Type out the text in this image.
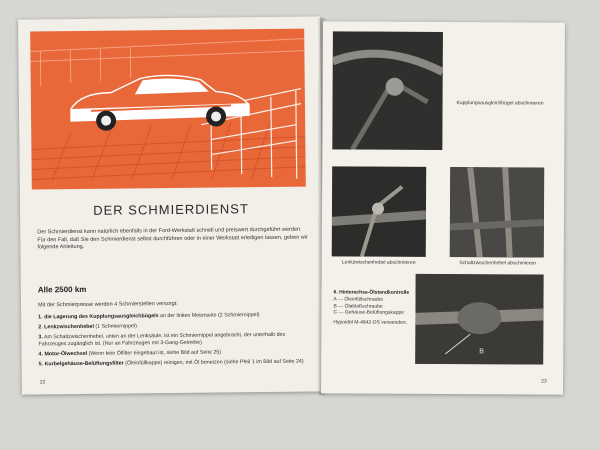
DER SCHMIERDIENST
Der Schmierdienst kann natürlich ebenfalls in der Ford-Werkstatt schnell und preiswert durchgeführt werden. Für den Fall, daß Sie den Schmierdienst selbst durchführen oder in einer Werkstatt erledigen lassen, geben wir folgende Anleitung.
Alle 2500 km
Mit der Schmierpresse werden 4 Schmierstellen versorgt:
1. die Lagerung des Kupplungsausgleichbügels an der linken Motorseite (2 Schmiernippel)
2. Lenkzwischenhebel (1 Schmiernippel)
3. Am Schaltzwischenhebel, unten an der Lenksäule, ist ein Schmiernippel angebracht, der unterhalb des Fahrzeuges zugänglich ist. (Nur an Fahrzeugen mit 3-Gang-Getriebe)
4. Motor-Ölwechsel (Wenn kein Ölfilter eingebaut ist, siehe Bild auf Seite 25)
5. Kurbelgehäuse-Belüftungsfilter (Öleinfüllkappe) reinigen, mit Öl benetzen (siehe Pfeil 1 im Bild auf Seite 24)
22
Kupplungsausgleichbügel abschmieren
Lenkzwischenhebel abschmieren	Schaltzwischenhebel abschmieren
6. Hinterachse-Ölstandkontrolle
A — Öleinfüllschraube
B — Ölablaßschraube
C — Gehäuse-Belüftungskappe
Hypoidöl M-4642-DS verwenden.
B
23
